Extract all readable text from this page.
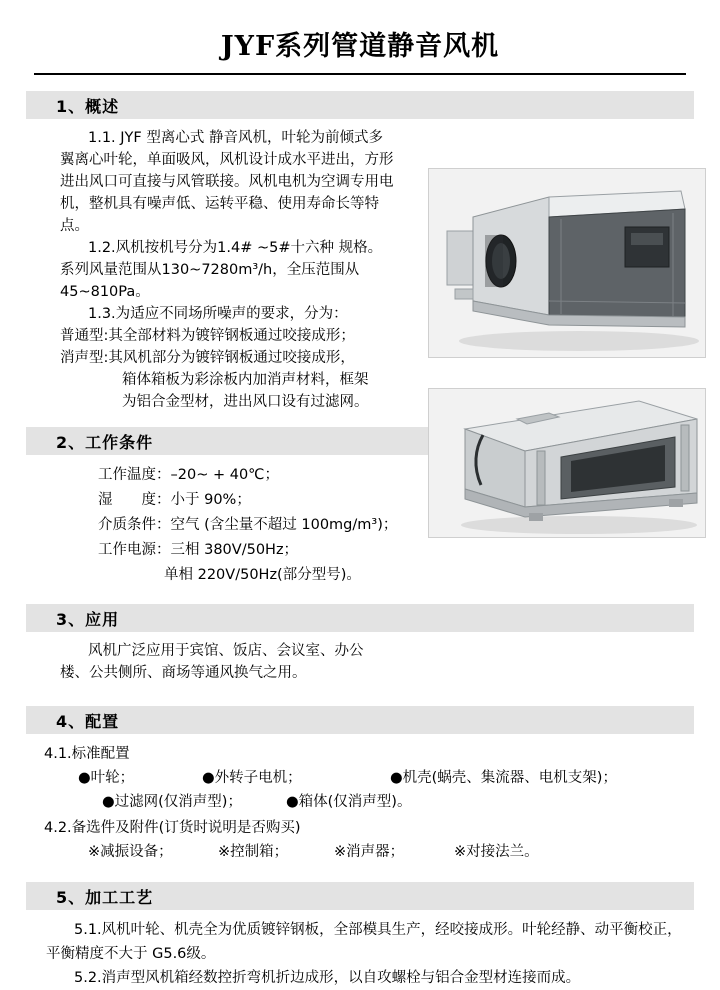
JYF系列管道静音风机
1、概述

1.1. JYF 型离心式 静音风机，叶轮为前倾式多翼离心叶轮，单面吸风，风机设计成水平进出，方形进出风口可直接与风管联接。风机电机为空调专用电机，整机具有噪声低、运转平稳、使用寿命长等特点。

1.2.风机按机号分为1.4# ~5#十六种 规格。系列风量范围从130~7280m³/h，全压范围从45~810Pa。

1.3.为适应不同场所噪声的要求，分为：

普通型:其全部材料为镀锌钢板通过咬接成形；

消声型:其风机部分为镀锌钢板通过咬接成形，

箱体箱板为彩涂板内加消声材料，框架

为铝合金型材，进出风口设有过滤网。

2、工作条件
工作温度：–20~ + 40℃；
湿　　度：小于 90%；
介质条件：空气 (含尘量不超过 100mg/m³)；
工作电源：三相 380V/50Hz；
单相 220V/50Hz(部分型号)。
3、应用

风机广泛应用于宾馆、饭店、会议室、办公

楼、公共侧所、商场等通风换气之用。

4、配置
4.1.标准配置
●叶轮；	●外转子电机；	●机壳(蜗壳、集流器、电机支架)；
●过滤网(仅消声型)；	●箱体(仅消声型)。
4.2.备选件及附件(订货时说明是否购买)
※减振设备；	※控制箱；	※消声器；	※对接法兰。
5、加工工艺

5.1.风机叶轮、机壳全为优质镀锌钢板，全部模具生产，经咬接成形。叶轮经静、动平衡校正，平衡精度不大于 G5.6级。

5.2.消声型风机箱经数控折弯机折边成形，以自攻螺栓与铝合金型材连接而成。
